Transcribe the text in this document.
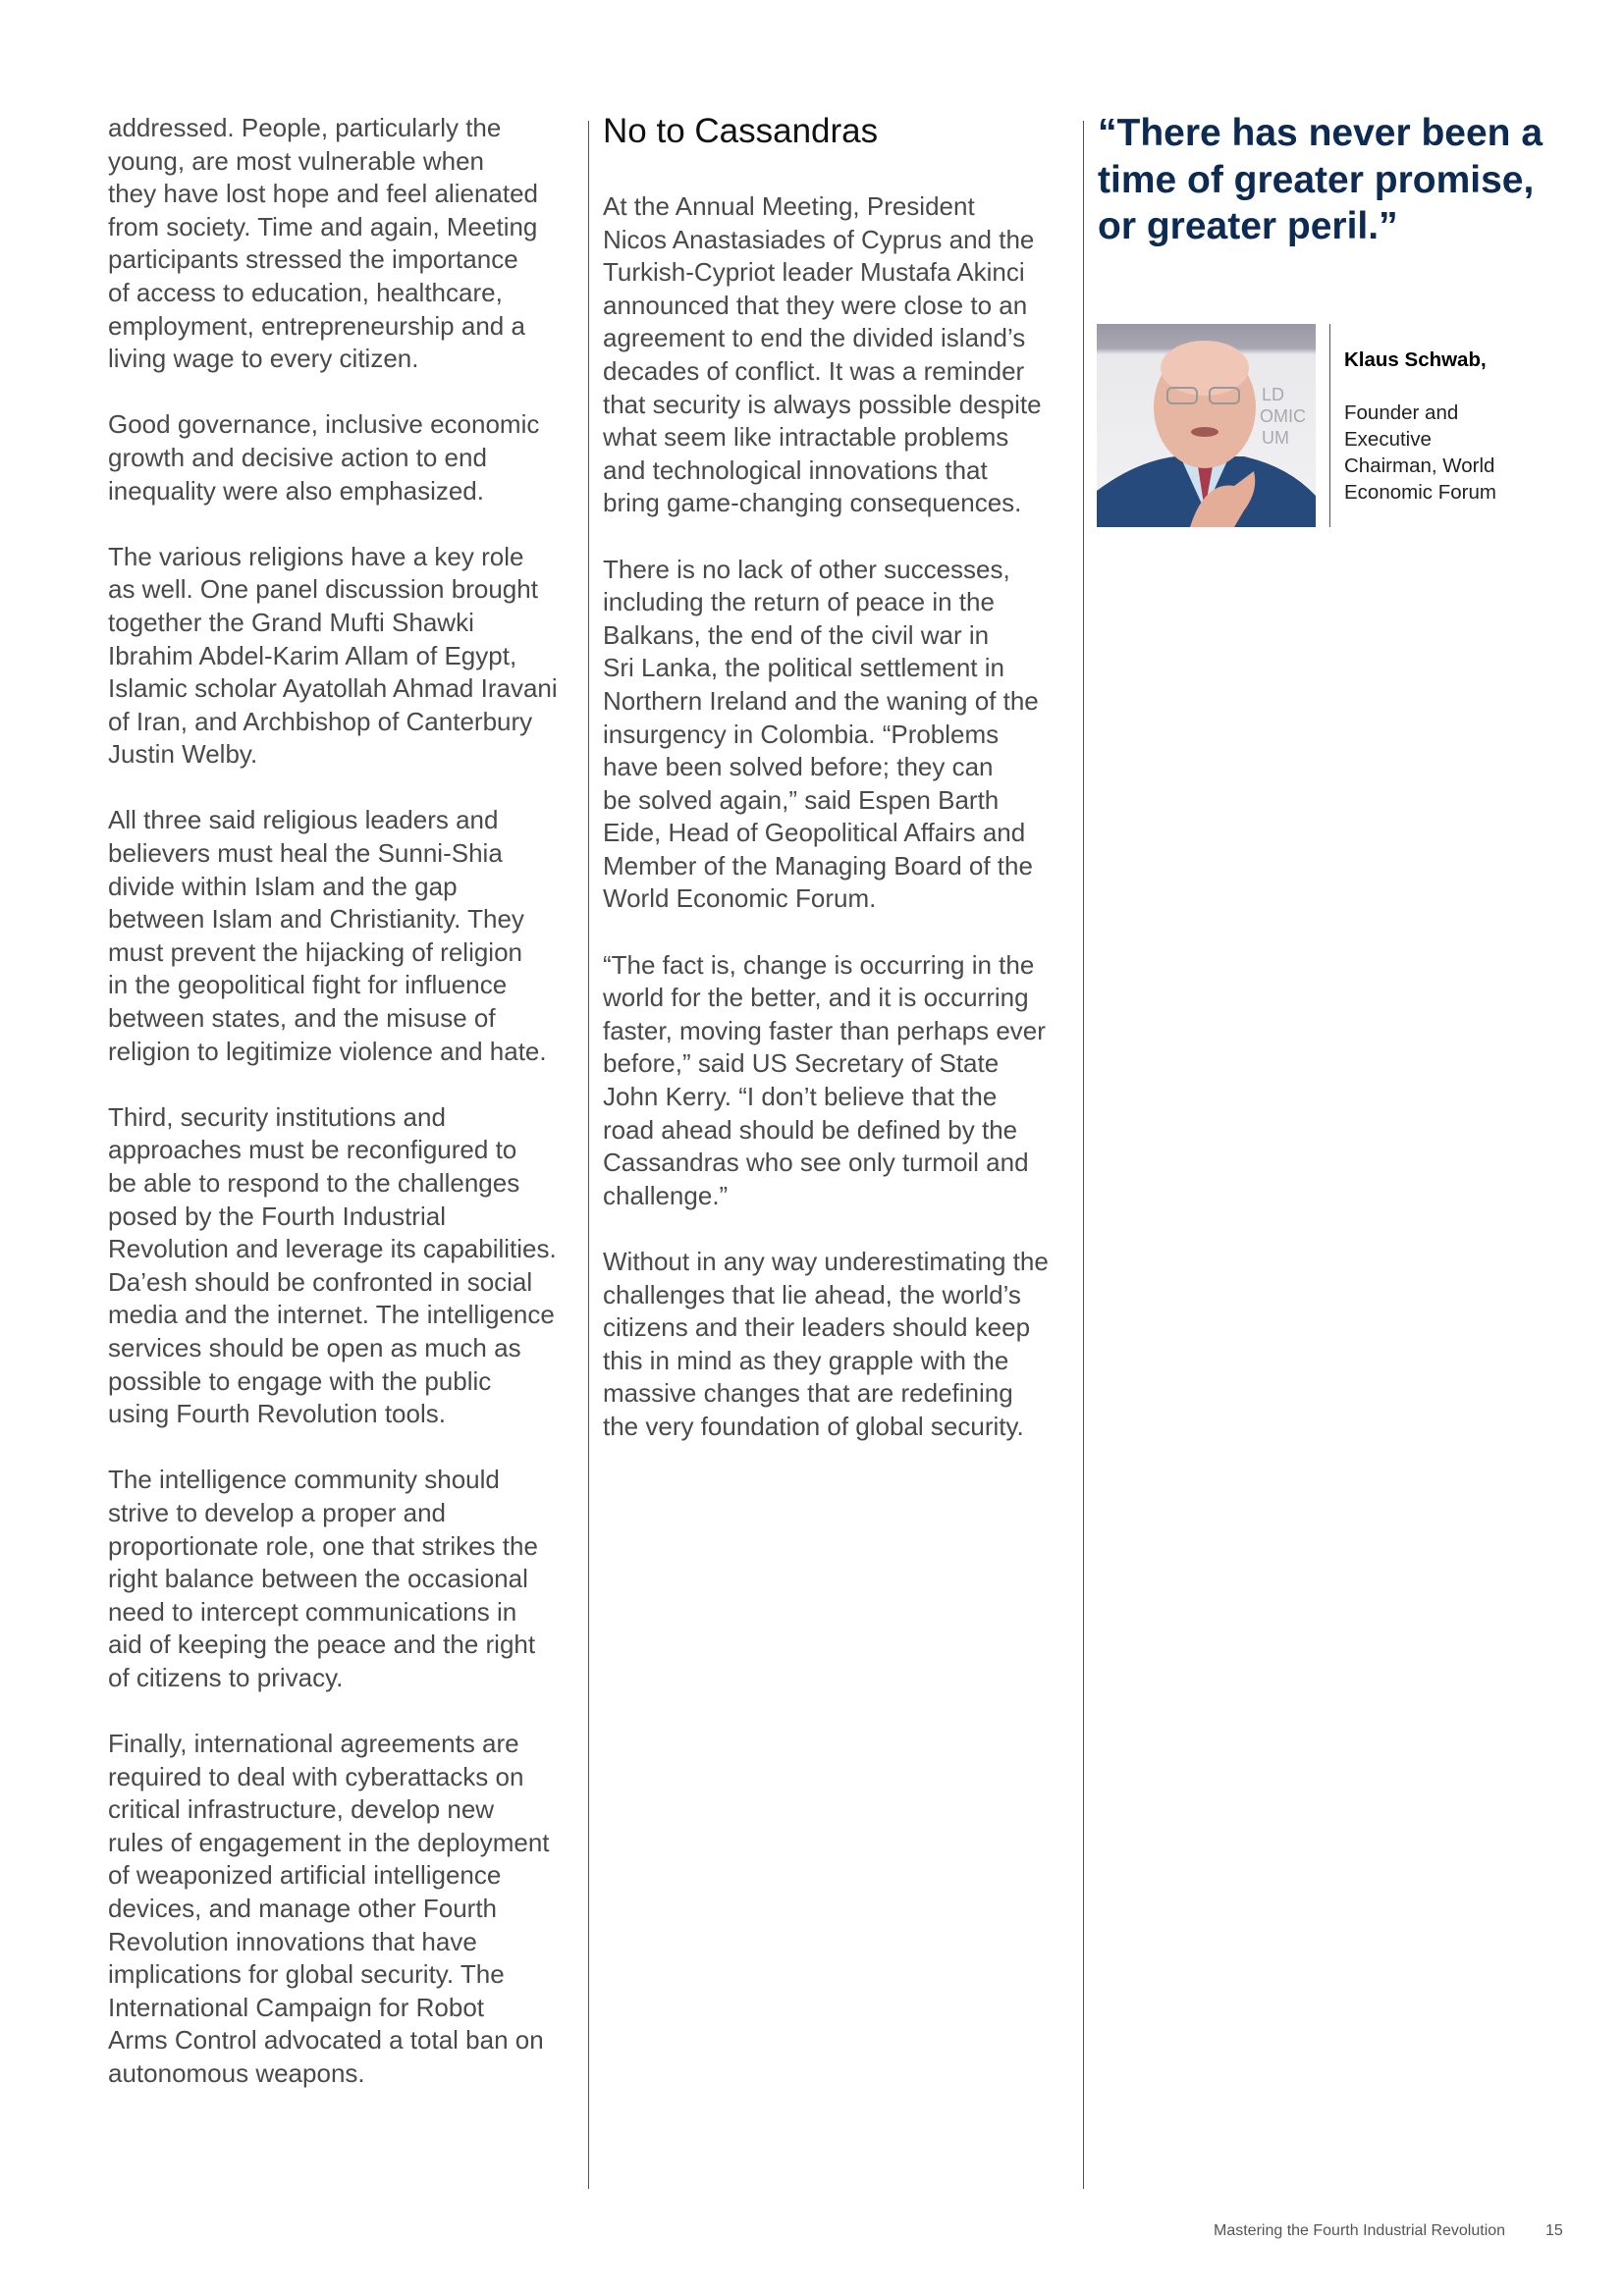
addressed. People, particularly the
young, are most vulnerable when
they have lost hope and feel alienated
from society. Time and again, Meeting
participants stressed the importance
of access to education, healthcare,
employment, entrepreneurship and a
living wage to every citizen.

Good governance, inclusive economic
growth and decisive action to end
inequality were also emphasized.

The various religions have a key role
as well. One panel discussion brought
together the Grand Mufti Shawki
Ibrahim Abdel-Karim Allam of Egypt,
Islamic scholar Ayatollah Ahmad Iravani
of Iran, and Archbishop of Canterbury
Justin Welby.

All three said religious leaders and
believers must heal the Sunni-Shia
divide within Islam and the gap
between Islam and Christianity. They
must prevent the hijacking of religion
in the geopolitical fight for influence
between states, and the misuse of
religion to legitimize violence and hate.

Third, security institutions and
approaches must be reconfigured to
be able to respond to the challenges
posed by the Fourth Industrial
Revolution and leverage its capabilities.
Da’esh should be confronted in social
media and the internet. The intelligence
services should be open as much as
possible to engage with the public
using Fourth Revolution tools.

The intelligence community should
strive to develop a proper and
proportionate role, one that strikes the
right balance between the occasional
need to intercept communications in
aid of keeping the peace and the right
of citizens to privacy.

Finally, international agreements are
required to deal with cyberattacks on
critical infrastructure, develop new
rules of engagement in the deployment
of weaponized artificial intelligence
devices, and manage other Fourth
Revolution innovations that have
implications for global security. The
International Campaign for Robot
Arms Control advocated a total ban on
autonomous weapons.

No to Cassandras

At the Annual Meeting, President
Nicos Anastasiades of Cyprus and the
Turkish-Cypriot leader Mustafa Akinci
announced that they were close to an
agreement to end the divided island’s
decades of conflict. It was a reminder
that security is always possible despite
what seem like intractable problems
and technological innovations that
bring game-changing consequences.

There is no lack of other successes,
including the return of peace in the
Balkans, the end of the civil war in
Sri Lanka, the political settlement in
Northern Ireland and the waning of the
insurgency in Colombia. “Problems
have been solved before; they can
be solved again,” said Espen Barth
Eide, Head of Geopolitical Affairs and
Member of the Managing Board of the
World Economic Forum.

“The fact is, change is occurring in the
world for the better, and it is occurring
faster, moving faster than perhaps ever
before,” said US Secretary of State
John Kerry. “I don’t believe that the
road ahead should be defined by the
Cassandras who see only turmoil and
challenge.”

Without in any way underestimating the
challenges that lie ahead, the world’s
citizens and their leaders should keep
this in mind as they grapple with the
massive changes that are redefining
the very foundation of global security.

“There has never been a
time of greater promise,
or greater peril.”

LD
OMIC
UM

Klaus Schwab,

Founder and
Executive
Chairman, World
Economic Forum

Mastering the Fourth Industrial Revolution	15
